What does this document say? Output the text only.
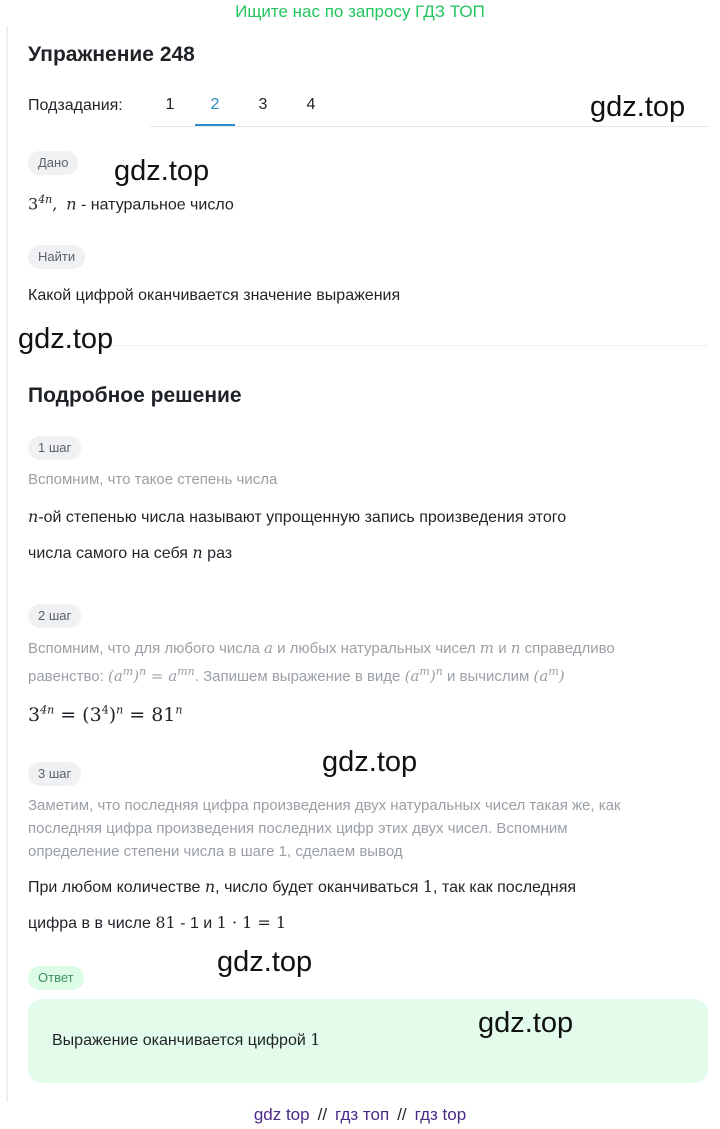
Ищите нас по запросу ГДЗ ТОП
Упражнение 248
Подзадания:	1	2	3	4
Дано
$3^{4n}$, n - натуральное число
Найти
Какой цифрой оканчивается значение выражения
Подробное решение
1 шаг
Вспомним, что такое степень числа
n-ой степенью числа называют упрощенную запись произведения этого
числа самого на себя n раз
2 шаг
Вспомним, что для любого числа a и любых натуральных чисел m и n справедливо
равенство: $(a^m)^n = a^{mn}$. Запишем выражение в виде $(a^m)^n$ и вычислим $(a^m)$
$3^{4n} = (3^4)^n = 81^n$
3 шаг
Заметим, что последняя цифра произведения двух натуральных чисел такая же, как
последняя цифра произведения последних цифр этих двух чисел. Вспомним
определение степени числа в шаге 1, сделаем вывод
При любом количестве n, число будет оканчиваться 1, так как последняя
цифра в в числе 81 - 1 и 1 · 1 = 1
Ответ
Выражение оканчивается цифрой 1
gdz.top
gdz.top
gdz.top
gdz.top
gdz.top
gdz.top
gdz top // гдз топ // гдз top
